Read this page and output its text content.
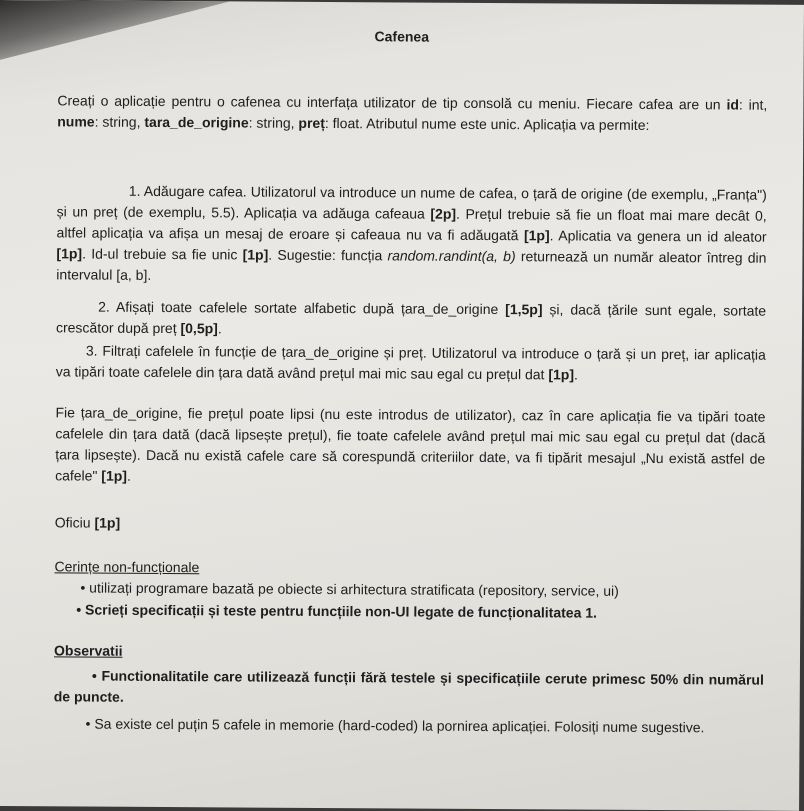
Cafenea
Creați o aplicație pentru o cafenea cu interfața utilizator de tip consolă cu meniu. Fiecare cafea are un id: int, nume: string, tara_de_origine: string, preț: float. Atributul nume este unic. Aplicația va permite:
1. Adăugare cafea. Utilizatorul va introduce un nume de cafea, o țară de origine (de exemplu, „Franța") și un preț (de exemplu, 5.5). Aplicația va adăuga cafeaua [2p]. Prețul trebuie să fie un float mai mare decât 0, altfel aplicația va afișa un mesaj de eroare și cafeaua nu va fi adăugată [1p]. Aplicatia va genera un id aleator [1p]. Id-ul trebuie sa fie unic [1p]. Sugestie: funcția random.randint(a, b) returnează un număr aleator întreg din intervalul [a, b].
2. Afișați toate cafelele sortate alfabetic după țara_de_origine [1,5p] și, dacă țările sunt egale, sortate crescător după preț [0,5p].
3. Filtrați cafelele în funcție de țara_de_origine și preț. Utilizatorul va introduce o țară și un preț, iar aplicația va tipări toate cafelele din țara dată având prețul mai mic sau egal cu prețul dat [1p].
Fie țara_de_origine, fie prețul poate lipsi (nu este introdus de utilizator), caz în care aplicația fie va tipări toate cafelele din țara dată (dacă lipsește prețul), fie toate cafelele având prețul mai mic sau egal cu prețul dat (dacă țara lipsește). Dacă nu există cafele care să corespundă criteriilor date, va fi tipărit mesajul „Nu există astfel de cafele" [1p].
Oficiu [1p]
Cerințe non-funcționale
• utilizați programare bazată pe obiecte si arhitectura stratificata (repository, service, ui)
• Scrieți specificații și teste pentru funcțiile non-UI legate de funcționalitatea 1.
Observatii
• Functionalitatile care utilizează funcții fără testele și specificațiile cerute primesc 50% din numărul de puncte.
• Sa existe cel puțin 5 cafele in memorie (hard-coded) la pornirea aplicației. Folosiți nume sugestive.
